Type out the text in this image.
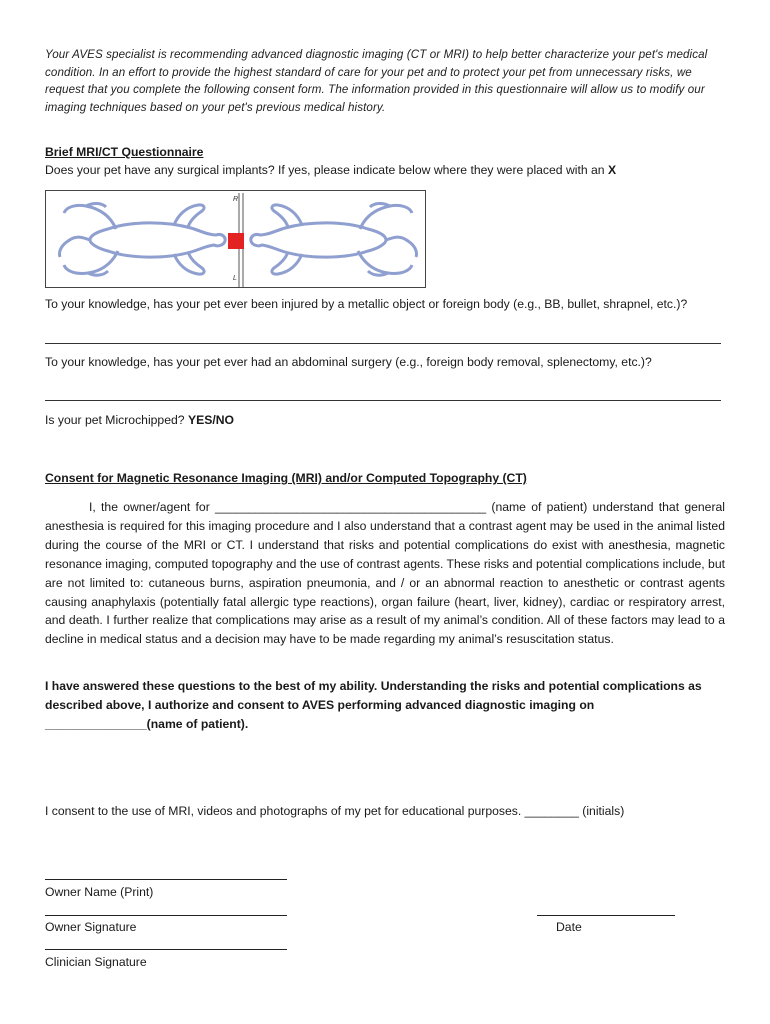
Your AVES specialist is recommending advanced diagnostic imaging (CT or MRI) to help better characterize your pet's medical condition. In an effort to provide the highest standard of care for your pet and to protect your pet from unnecessary risks, we request that you complete the following consent form. The information provided in this questionnaire will allow us to modify our imaging techniques based on your pet's previous medical history.
Brief MRI/CT Questionnaire
Does your pet have any surgical implants? If yes, please indicate below where they were placed with an X
R
L
To your knowledge, has your pet ever been injured by a metallic object or foreign body (e.g., BB, bullet, shrapnel, etc.)?
To your knowledge, has your pet ever had an abdominal surgery (e.g., foreign body removal, splenectomy, etc.)?
Is your pet Microchipped? YES/NO
Consent for Magnetic Resonance Imaging (MRI) and/or Computed Topography (CT)
I, the owner/agent for ________________________________________ (name of patient) understand that general anesthesia is required for this imaging procedure and I also understand that a contrast agent may be used in the animal listed during the course of the MRI or CT. I understand that risks and potential complications do exist with anesthesia, magnetic resonance imaging, computed topography and the use of contrast agents. These risks and potential complications include, but are not limited to: cutaneous burns, aspiration pneumonia, and / or an abnormal reaction to anesthetic or contrast agents causing anaphylaxis (potentially fatal allergic type reactions), organ failure (heart, liver, kidney), cardiac or respiratory arrest, and death. I further realize that complications may arise as a result of my animal’s condition. All of these factors may lead to a decline in medical status and a decision may have to be made regarding my animal’s resuscitation status.
I have answered these questions to the best of my ability. Understanding the risks and potential complications as described above, I authorize and consent to AVES performing advanced diagnostic imaging on _______________(name of patient).
I consent to the use of MRI, videos and photographs of my pet for educational purposes. ________ (initials)
Owner Name (Print)
Owner Signature	Date
Clinician Signature
